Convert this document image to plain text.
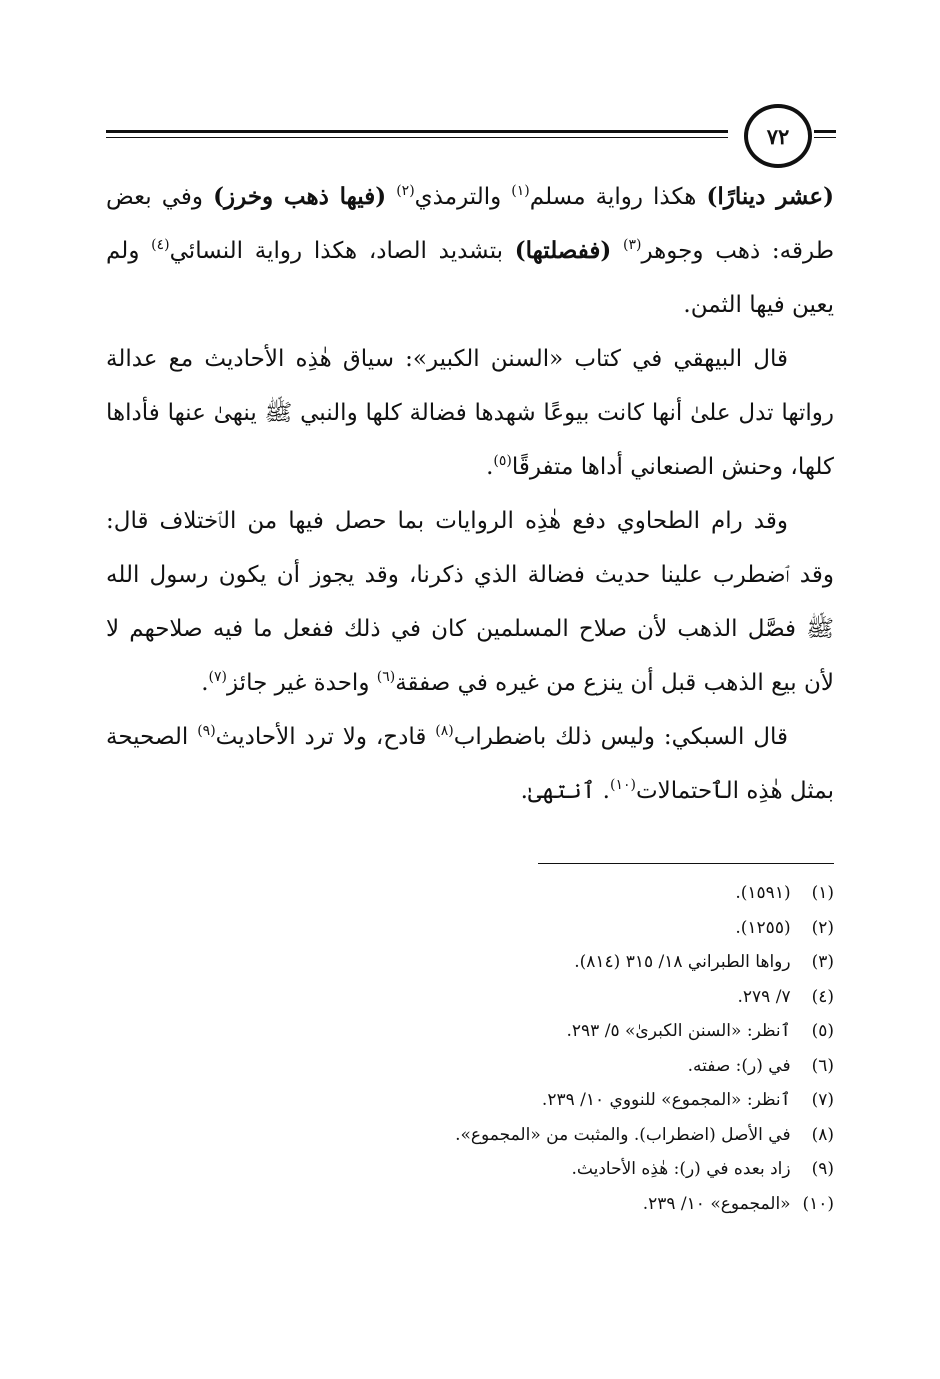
٧٢

(عشر دينارًا) هكذا رواية مسلم$^{(١)}$ والترمذي$^{(٢)}$ (فيها ذهب وخرز) وفي بعض طرقه: ذهب وجوهر$^{(٣)}$ (ففصلتها) بتشديد الصاد، هكذا رواية النسائي$^{(٤)}$ ولم يعين فيها الثمن.

قال البيهقي في كتاب «السنن الكبير»: سياق هٰذِه الأحاديث مع عدالة رواتها تدل علىٰ أنها كانت بيوعًا شهدها فضالة كلها والنبي ﷺ ينهىٰ عنها فأداها كلها، وحنش الصنعاني أداها متفرقًا$^{(٥)}$.

وقد رام الطحاوي دفع هٰذِه الروايات بما حصل فيها من الٱختلاف قال: وقد ٱضطرب علينا حديث فضالة الذي ذكرنا، وقد يجوز أن يكون رسول الله ﷺ فصَّل الذهب لأن صلاح المسلمين كان في ذلك ففعل ما فيه صلاحهم لا لأن بيع الذهب قبل أن ينزع من غيره في صفقة$^{(٦)}$ واحدة غير جائز$^{(٧)}$.

قال السبكي: وليس ذلك باضطراب$^{(٨)}$ قادح، ولا ترد الأحاديث$^{(٩)}$ الصحيحة بمثل هٰذِه الٱحتمالات$^{(١٠)}$. ٱنتهىٰ.

(١) (١٥٩١).
(٢) (١٢٥٥).
(٣) رواها الطبراني ١٨/ ٣١٥ (٨١٤).
(٤) ٧/ ٢٧٩.
(٥) ٱنظر: «السنن الكبرىٰ» ٥/ ٢٩٣.
(٦) في (ر): صفته.
(٧) ٱنظر: «المجموع» للنووي ١٠/ ٢٣٩.
(٨) في الأصل (اضطراب). والمثبت من «المجموع».
(٩) زاد بعده في (ر): هٰذِه الأحاديث.
(١٠) «المجموع» ١٠/ ٢٣٩.
